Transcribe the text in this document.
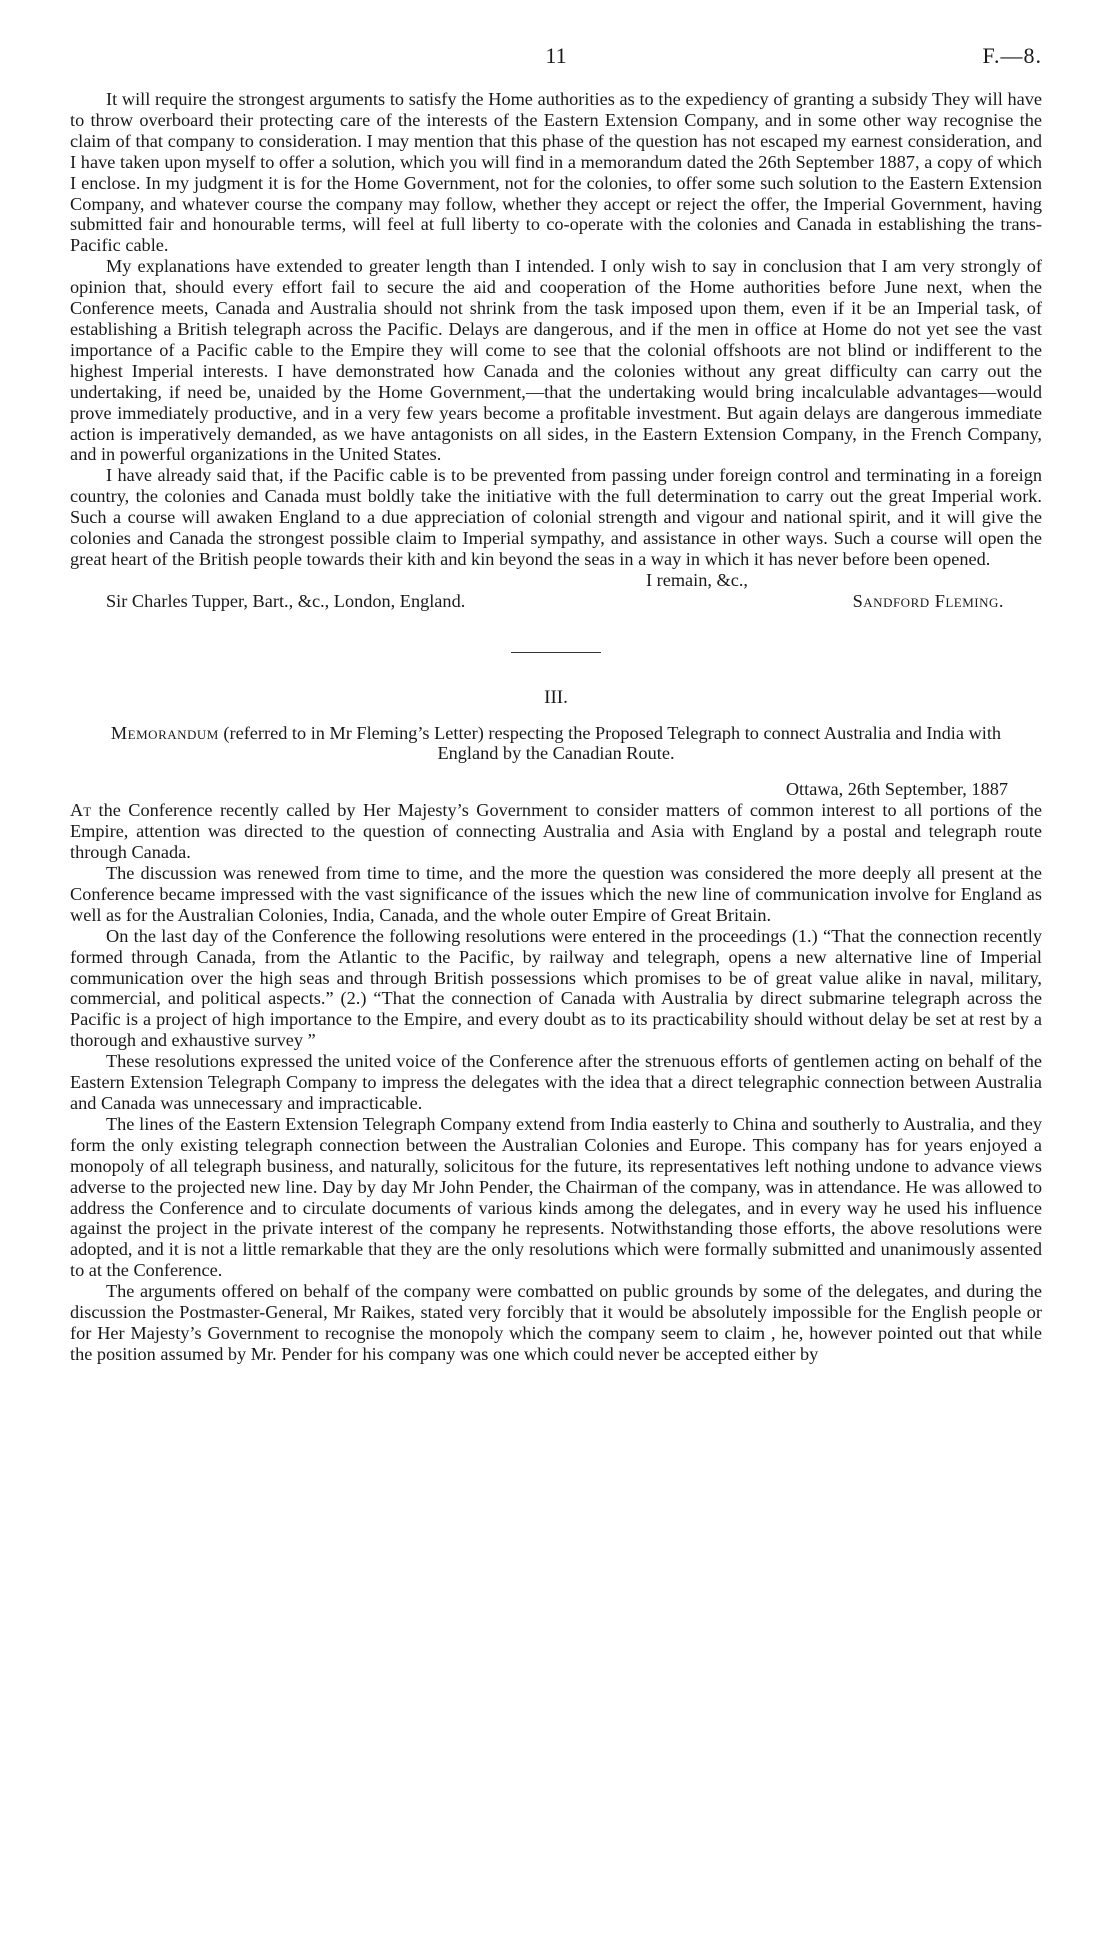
11	F.—8.

It will require the strongest arguments to satisfy the Home authorities as to the expediency of granting a subsidy They will have to throw overboard their protecting care of the interests of the Eastern Extension Company, and in some other way recognise the claim of that company to consideration. I may mention that this phase of the question has not escaped my earnest consideration, and I have taken upon myself to offer a solution, which you will find in a memorandum dated the 26th September 1887, a copy of which I enclose. In my judgment it is for the Home Government, not for the colonies, to offer some such solution to the Eastern Extension Company, and whatever course the company may follow, whether they accept or reject the offer, the Imperial Government, having submitted fair and honourable terms, will feel at full liberty to co-operate with the colonies and Canada in establishing the trans-Pacific cable.

My explanations have extended to greater length than I intended. I only wish to say in conclusion that I am very strongly of opinion that, should every effort fail to secure the aid and cooperation of the Home authorities before June next, when the Conference meets, Canada and Australia should not shrink from the task imposed upon them, even if it be an Imperial task, of establishing a British telegraph across the Pacific. Delays are dangerous, and if the men in office at Home do not yet see the vast importance of a Pacific cable to the Empire they will come to see that the colonial offshoots are not blind or indifferent to the highest Imperial interests. I have demonstrated how Canada and the colonies without any great difficulty can carry out the undertaking, if need be, unaided by the Home Government,—that the undertaking would bring incalculable advantages—would prove immediately productive, and in a very few years become a profitable investment. But again delays are dangerous immediate action is imperatively demanded, as we have antagonists on all sides, in the Eastern Extension Company, in the French Company, and in powerful organizations in the United States.

I have already said that, if the Pacific cable is to be prevented from passing under foreign control and terminating in a foreign country, the colonies and Canada must boldly take the initiative with the full determination to carry out the great Imperial work. Such a course will awaken England to a due appreciation of colonial strength and vigour and national spirit, and it will give the colonies and Canada the strongest possible claim to Imperial sympathy, and assistance in other ways. Such a course will open the great heart of the British people towards their kith and kin beyond the seas in a way in which it has never before been opened.

I remain, &c.,
Sir Charles Tupper, Bart., &c., London, England.	Sandford Fleming.
III.

Memorandum (referred to in Mr Fleming’s Letter) respecting the Proposed Telegraph to connect Australia and India with England by the Canadian Route.

Ottawa, 26th September, 1887

At the Conference recently called by Her Majesty’s Government to consider matters of common interest to all portions of the Empire, attention was directed to the question of connecting Australia and Asia with England by a postal and telegraph route through Canada.

The discussion was renewed from time to time, and the more the question was considered the more deeply all present at the Conference became impressed with the vast significance of the issues which the new line of communication involve for England as well as for the Australian Colonies, India, Canada, and the whole outer Empire of Great Britain.

On the last day of the Conference the following resolutions were entered in the proceedings (1.) “That the connection recently formed through Canada, from the Atlantic to the Pacific, by railway and telegraph, opens a new alternative line of Imperial communication over the high seas and through British possessions which promises to be of great value alike in naval, military, commercial, and political aspects.” (2.) “That the connection of Canada with Australia by direct submarine telegraph across the Pacific is a project of high importance to the Empire, and every doubt as to its practicability should without delay be set at rest by a thorough and exhaustive survey ”

These resolutions expressed the united voice of the Conference after the strenuous efforts of gentlemen acting on behalf of the Eastern Extension Telegraph Company to impress the delegates with the idea that a direct telegraphic connection between Australia and Canada was unnecessary and impracticable.

The lines of the Eastern Extension Telegraph Company extend from India easterly to China and southerly to Australia, and they form the only existing telegraph connection between the Australian Colonies and Europe. This company has for years enjoyed a monopoly of all telegraph business, and naturally, solicitous for the future, its representatives left nothing undone to advance views adverse to the projected new line. Day by day Mr John Pender, the Chairman of the company, was in attendance. He was allowed to address the Conference and to circulate documents of various kinds among the delegates, and in every way he used his influence against the project in the private interest of the company he represents. Notwithstanding those efforts, the above resolutions were adopted, and it is not a little remarkable that they are the only resolutions which were formally submitted and unanimously assented to at the Conference.

The arguments offered on behalf of the company were combatted on public grounds by some of the delegates, and during the discussion the Postmaster-General, Mr Raikes, stated very forcibly that it would be absolutely impossible for the English people or for Her Majesty’s Government to recognise the monopoly which the company seem to claim , he, however pointed out that while the position assumed by Mr. Pender for his company was one which could never be accepted either by
